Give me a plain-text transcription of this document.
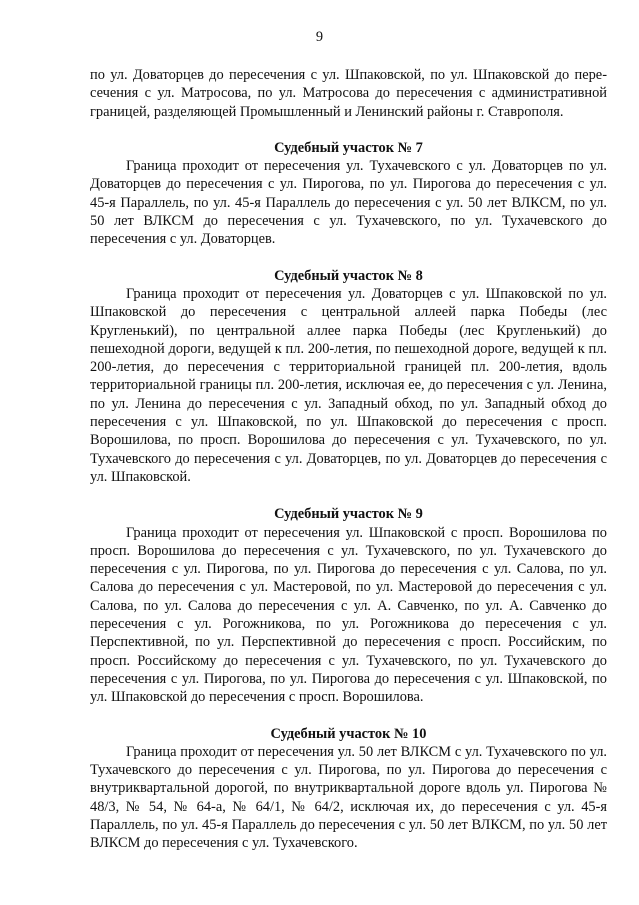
9

по ул. Доваторцев до пересечения с ул. Шпаковской, по ул. Шпаковской до пересечения с ул. Матросова, по ул. Матросова до пересечения с административной границей, разделяющей Промышленный и Ленинский районы г. Ставрополя.

Судебный участок № 7

Граница проходит от пересечения ул. Тухачевского с ул. Доваторцев по ул. Доваторцев до пересечения с ул. Пирогова, по ул. Пирогова до пересечения с ул. 45-я Параллель, по ул. 45-я Параллель до пересечения с ул. 50 лет ВЛКСМ, по ул. 50 лет ВЛКСМ до пересечения с ул. Тухачевского, по ул. Тухачевского до пересечения с ул. Доваторцев.

Судебный участок № 8

Граница проходит от пересечения ул. Доваторцев с ул. Шпаковской по ул. Шпаковской до пересечения с центральной аллеей парка Победы (лес Кругленький), по центральной аллее парка Победы (лес Кругленький) до пешеходной дороги, ведущей к пл. 200-летия, по пешеходной дороге, ведущей к пл. 200-летия, до пересечения с территориальной границей пл. 200-летия, вдоль территориальной границы пл. 200-летия, исключая ее, до пересечения с ул. Ленина, по ул. Ленина до пересечения с ул. Западный обход, по ул. Западный обход до пересечения с ул. Шпаковской, по ул. Шпаковской до пересечения с просп. Ворошилова, по просп. Ворошилова до пересечения с ул. Тухачевского, по ул. Тухачевского до пересечения с ул. Доваторцев, по ул. Доваторцев до пересечения с ул. Шпаковской.

Судебный участок № 9

Граница проходит от пересечения ул. Шпаковской с просп. Ворошилова по просп. Ворошилова до пересечения с ул. Тухачевского, по ул. Тухачевского до пересечения с ул. Пирогова, по ул. Пирогова до пересечения с ул. Салова, по ул. Салова до пересечения с ул. Мастеровой, по ул. Мастеровой до пересечения с ул. Салова, по ул. Салова до пересечения с ул. А. Савченко, по ул. А. Савченко до пересечения с ул. Рогожникова, по ул. Рогожникова до пересечения с ул. Перспективной, по ул. Перспективной до пересечения с просп. Российским, по просп. Российскому до пересечения с ул. Тухачевского, по ул. Тухачевского до пересечения с ул. Пирогова, по ул. Пирогова до пересечения с ул. Шпаковской, по ул. Шпаковской до пересечения с просп. Ворошилова.

Судебный участок № 10

Граница проходит от пересечения ул. 50 лет ВЛКСМ с ул. Тухачевского по ул. Тухачевского до пересечения с ул. Пирогова, по ул. Пирогова до пересечения с внутриквартальной дорогой, по внутриквартальной дороге вдоль ул. Пирогова № 48/3, № 54, № 64-а, № 64/1, № 64/2, исключая их, до пересечения с ул. 45-я Параллель, по ул. 45-я Параллель до пересечения с ул. 50 лет ВЛКСМ, по ул. 50 лет ВЛКСМ до пересечения с ул. Тухачевского.
